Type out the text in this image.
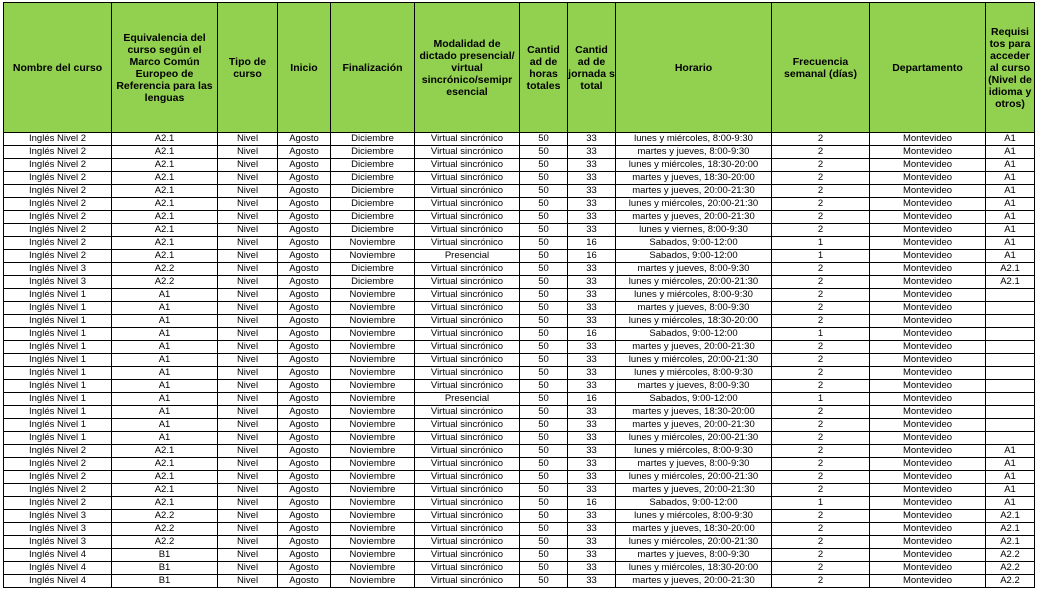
Nombre del curso	Equivalencia del curso según el Marco Común Europeo de Referencia para las lenguas	Tipo de curso	Inicio	Finalización	Modalidad de dictado presencial/ virtual sincrónico/semipr esencial	Cantid ad de horas totales	Cantid ad de jornada s total	Horario	Frecuencia semanal (días)	Departamento	Requisi tos para acceder al curso (Nivel de idioma y otros)
Inglés Nivel 2	A2.1	Nivel	Agosto	Diciembre	Virtual sincrónico	50	33	lunes y miércoles, 8:00-9:30	2	Montevideo	A1
Inglés Nivel 2	A2.1	Nivel	Agosto	Diciembre	Virtual sincrónico	50	33	martes y jueves, 8:00-9:30	2	Montevideo	A1
Inglés Nivel 2	A2.1	Nivel	Agosto	Diciembre	Virtual sincrónico	50	33	lunes y miércoles, 18:30-20:00	2	Montevideo	A1
Inglés Nivel 2	A2.1	Nivel	Agosto	Diciembre	Virtual sincrónico	50	33	martes y jueves, 18:30-20:00	2	Montevideo	A1
Inglés Nivel 2	A2.1	Nivel	Agosto	Diciembre	Virtual sincrónico	50	33	martes y jueves, 20:00-21:30	2	Montevideo	A1
Inglés Nivel 2	A2.1	Nivel	Agosto	Diciembre	Virtual sincrónico	50	33	lunes y miércoles, 20:00-21:30	2	Montevideo	A1
Inglés Nivel 2	A2.1	Nivel	Agosto	Diciembre	Virtual sincrónico	50	33	martes y jueves, 20:00-21:30	2	Montevideo	A1
Inglés Nivel 2	A2.1	Nivel	Agosto	Diciembre	Virtual sincrónico	50	33	lunes y viernes, 8:00-9:30	2	Montevideo	A1
Inglés Nivel 2	A2.1	Nivel	Agosto	Noviembre	Virtual sincrónico	50	16	Sabados, 9:00-12:00	1	Montevideo	A1
Inglés Nivel 2	A2.1	Nivel	Agosto	Noviembre	Presencial	50	16	Sabados, 9:00-12:00	1	Montevideo	A1
Inglés Nivel 3	A2.2	Nivel	Agosto	Diciembre	Virtual sincrónico	50	33	martes y jueves, 8:00-9:30	2	Montevideo	A2.1
Inglés Nivel 3	A2.2	Nivel	Agosto	Diciembre	Virtual sincrónico	50	33	lunes y miércoles, 20:00-21:30	2	Montevideo	A2.1
Inglés Nivel 1	A1	Nivel	Agosto	Noviembre	Virtual sincrónico	50	33	lunes y miércoles, 8:00-9:30	2	Montevideo	
Inglés Nivel 1	A1	Nivel	Agosto	Noviembre	Virtual sincrónico	50	33	martes y jueves, 8:00-9:30	2	Montevideo	
Inglés Nivel 1	A1	Nivel	Agosto	Noviembre	Virtual sincrónico	50	33	lunes y miércoles, 18:30-20:00	2	Montevideo	
Inglés Nivel 1	A1	Nivel	Agosto	Noviembre	Virtual sincrónico	50	16	Sabados, 9:00-12:00	1	Montevideo	
Inglés Nivel 1	A1	Nivel	Agosto	Noviembre	Virtual sincrónico	50	33	martes y jueves, 20:00-21:30	2	Montevideo	
Inglés Nivel 1	A1	Nivel	Agosto	Noviembre	Virtual sincrónico	50	33	lunes y miércoles, 20:00-21:30	2	Montevideo	
Inglés Nivel 1	A1	Nivel	Agosto	Noviembre	Virtual sincrónico	50	33	lunes y miércoles, 8:00-9:30	2	Montevideo	
Inglés Nivel 1	A1	Nivel	Agosto	Noviembre	Virtual sincrónico	50	33	martes y jueves, 8:00-9:30	2	Montevideo	
Inglés Nivel 1	A1	Nivel	Agosto	Noviembre	Presencial	50	16	Sabados, 9:00-12:00	1	Montevideo	
Inglés Nivel 1	A1	Nivel	Agosto	Noviembre	Virtual sincrónico	50	33	martes y jueves, 18:30-20:00	2	Montevideo	
Inglés Nivel 1	A1	Nivel	Agosto	Noviembre	Virtual sincrónico	50	33	martes y jueves, 20:00-21:30	2	Montevideo	
Inglés Nivel 1	A1	Nivel	Agosto	Noviembre	Virtual sincrónico	50	33	lunes y miércoles, 20:00-21:30	2	Montevideo	
Inglés Nivel 2	A2.1	Nivel	Agosto	Noviembre	Virtual sincrónico	50	33	lunes y miércoles, 8:00-9:30	2	Montevideo	A1
Inglés Nivel 2	A2.1	Nivel	Agosto	Noviembre	Virtual sincrónico	50	33	martes y jueves, 8:00-9:30	2	Montevideo	A1
Inglés Nivel 2	A2.1	Nivel	Agosto	Noviembre	Virtual sincrónico	50	33	lunes y miércoles, 20:00-21:30	2	Montevideo	A1
Inglés Nivel 2	A2.1	Nivel	Agosto	Noviembre	Virtual sincrónico	50	33	martes y jueves, 20:00-21:30	2	Montevideo	A1
Inglés Nivel 2	A2.1	Nivel	Agosto	Noviembre	Virtual sincrónico	50	16	Sabados, 9:00-12:00	1	Montevideo	A1
Inglés Nivel 3	A2.2	Nivel	Agosto	Noviembre	Virtual sincrónico	50	33	lunes y miércoles, 8:00-9:30	2	Montevideo	A2.1
Inglés Nivel 3	A2.2	Nivel	Agosto	Noviembre	Virtual sincrónico	50	33	martes y jueves, 18:30-20:00	2	Montevideo	A2.1
Inglés Nivel 3	A2.2	Nivel	Agosto	Noviembre	Virtual sincrónico	50	33	lunes y miércoles, 20:00-21:30	2	Montevideo	A2.1
Inglés Nivel 4	B1	Nivel	Agosto	Noviembre	Virtual sincrónico	50	33	martes y jueves, 8:00-9:30	2	Montevideo	A2.2
Inglés Nivel 4	B1	Nivel	Agosto	Noviembre	Virtual sincrónico	50	33	lunes y miércoles, 18:30-20:00	2	Montevideo	A2.2
Inglés Nivel 4	B1	Nivel	Agosto	Noviembre	Virtual sincrónico	50	33	martes y jueves, 20:00-21:30	2	Montevideo	A2.2
